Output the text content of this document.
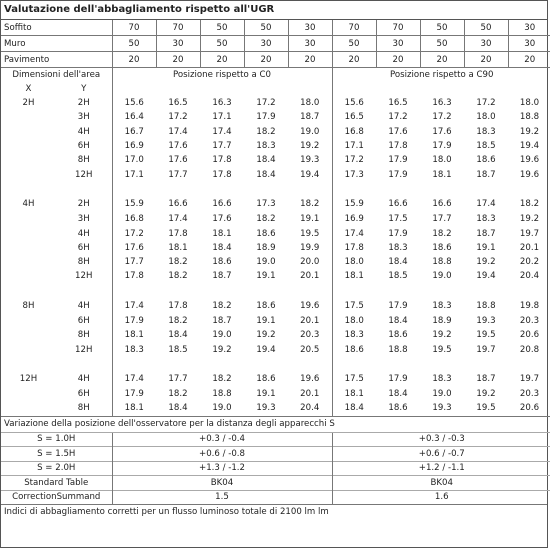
Valutazione dell'abbagliamento rispetto all'UGR
Soffito		70	70	50	50	30	70	70	50	50	30
Muro		50	30	50	30	30	50	30	50	30	30
Pavimento		20	20	20	20	20	20	20	20	20	20
Dimensioni dell'area		Posizione rispetto a C0					Posizione rispetto a C90				
X	Y										
2H	2H	15.6	16.5	16.3	17.2	18.0	15.6	16.5	16.3	17.2	18.0
	3H	16.4	17.2	17.1	17.9	18.7	16.5	17.2	17.2	18.0	18.8
	4H	16.7	17.4	17.4	18.2	19.0	16.8	17.6	17.6	18.3	19.2
	6H	16.9	17.6	17.7	18.3	19.2	17.1	17.8	17.9	18.5	19.4
	8H	17.0	17.6	17.8	18.4	19.3	17.2	17.9	18.0	18.6	19.6
	12H	17.1	17.7	17.8	18.4	19.4	17.3	17.9	18.1	18.7	19.6

4H	2H	15.9	16.6	16.6	17.3	18.2	15.9	16.6	16.6	17.4	18.2
	3H	16.8	17.4	17.6	18.2	19.1	16.9	17.5	17.7	18.3	19.2
	4H	17.2	17.8	18.1	18.6	19.5	17.4	17.9	18.2	18.7	19.7
	6H	17.6	18.1	18.4	18.9	19.9	17.8	18.3	18.6	19.1	20.1
	8H	17.7	18.2	18.6	19.0	20.0	18.0	18.4	18.8	19.2	20.2
	12H	17.8	18.2	18.7	19.1	20.1	18.1	18.5	19.0	19.4	20.4

8H	4H	17.4	17.8	18.2	18.6	19.6	17.5	17.9	18.3	18.8	19.8
	6H	17.9	18.2	18.7	19.1	20.1	18.0	18.4	18.9	19.3	20.3
	8H	18.1	18.4	19.0	19.2	20.3	18.3	18.6	19.2	19.5	20.6
	12H	18.3	18.5	19.2	19.4	20.5	18.6	18.8	19.5	19.7	20.8

12H	4H	17.4	17.7	18.2	18.6	19.6	17.5	17.9	18.3	18.7	19.7
	6H	17.9	18.2	18.8	19.1	20.1	18.1	18.4	19.0	19.2	20.3
	8H	18.1	18.4	19.0	19.3	20.4	18.4	18.6	19.3	19.5	20.6
Variazione della posizione dell'osservatore per la distanza degli apparecchi S											
S = 1.0H		+0.3 / -0.4					+0.3 / -0.3				
S = 1.5H		+0.6 / -0.8					+0.6 / -0.7				
S = 2.0H		+1.3 / -1.2					+1.2 / -1.1				
Standard Table		BK04					BK04				
CorrectionSummand		1.5					1.6				
Indici di abbagliamento corretti per un flusso luminoso totale di 2100 lm lm
